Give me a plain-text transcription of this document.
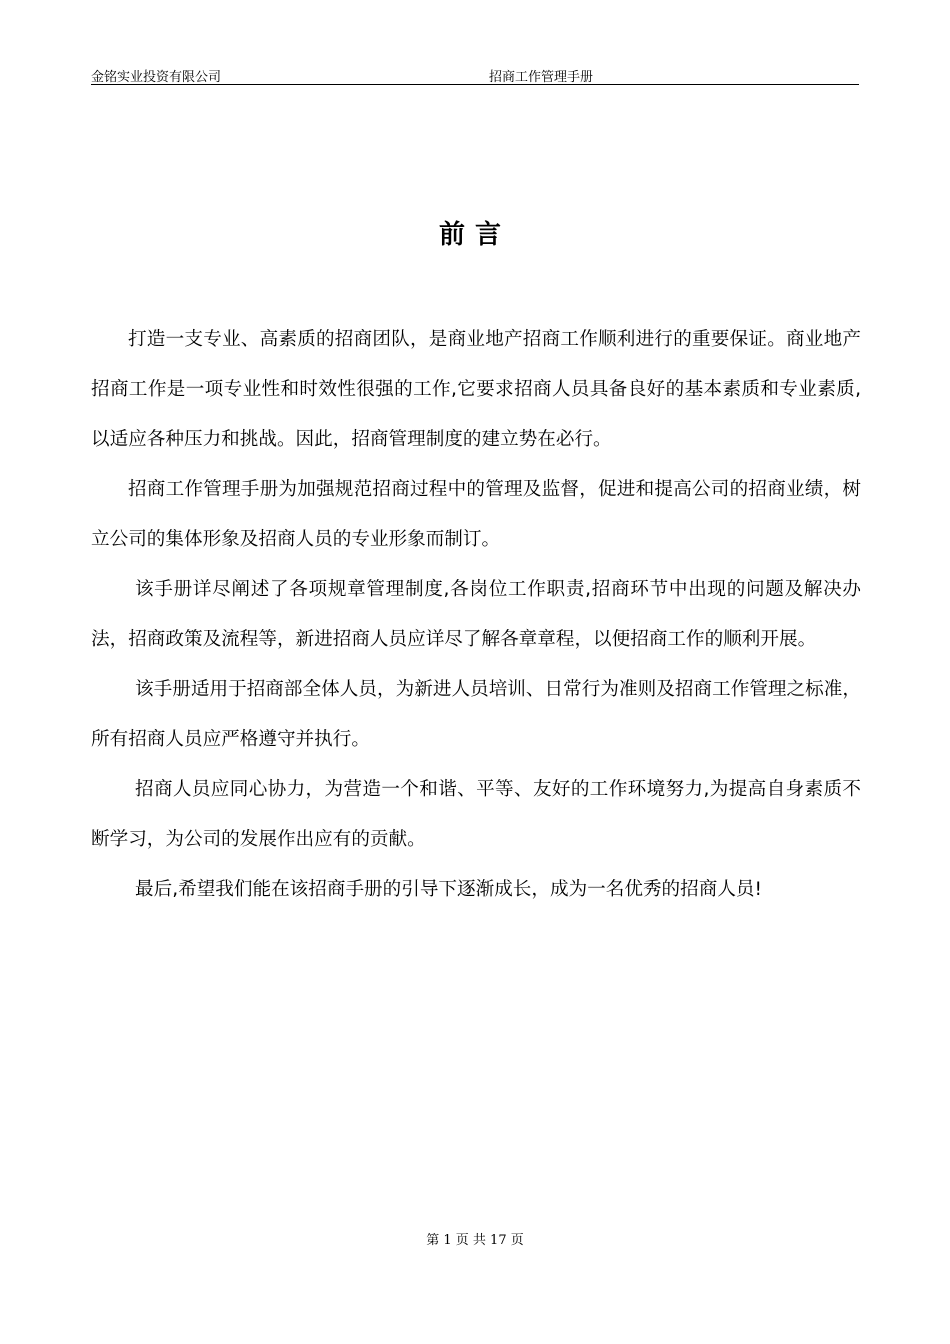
金铭实业投资有限公司	招商工作管理手册
前言

打造一支专业、高素质的招商团队，是商业地产招商工作顺利进行的重要保证。商业地产招商工作是一项专业性和时效性很强的工作,它要求招商人员具备良好的基本素质和专业素质,以适应各种压力和挑战。因此，招商管理制度的建立势在必行。

招商工作管理手册为加强规范招商过程中的管理及监督，促进和提高公司的招商业绩，树立公司的集体形象及招商人员的专业形象而制订。

该手册详尽阐述了各项规章管理制度,各岗位工作职责,招商环节中出现的问题及解决办法，招商政策及流程等，新进招商人员应详尽了解各章章程，以便招商工作的顺利开展。

该手册适用于招商部全体人员，为新进人员培训、日常行为准则及招商工作管理之标准，所有招商人员应严格遵守并执行。

招商人员应同心协力，为营造一个和谐、平等、友好的工作环境努力,为提高自身素质不断学习，为公司的发展作出应有的贡献。

最后,希望我们能在该招商手册的引导下逐渐成长，成为一名优秀的招商人员!

第 1 页 共 17 页
